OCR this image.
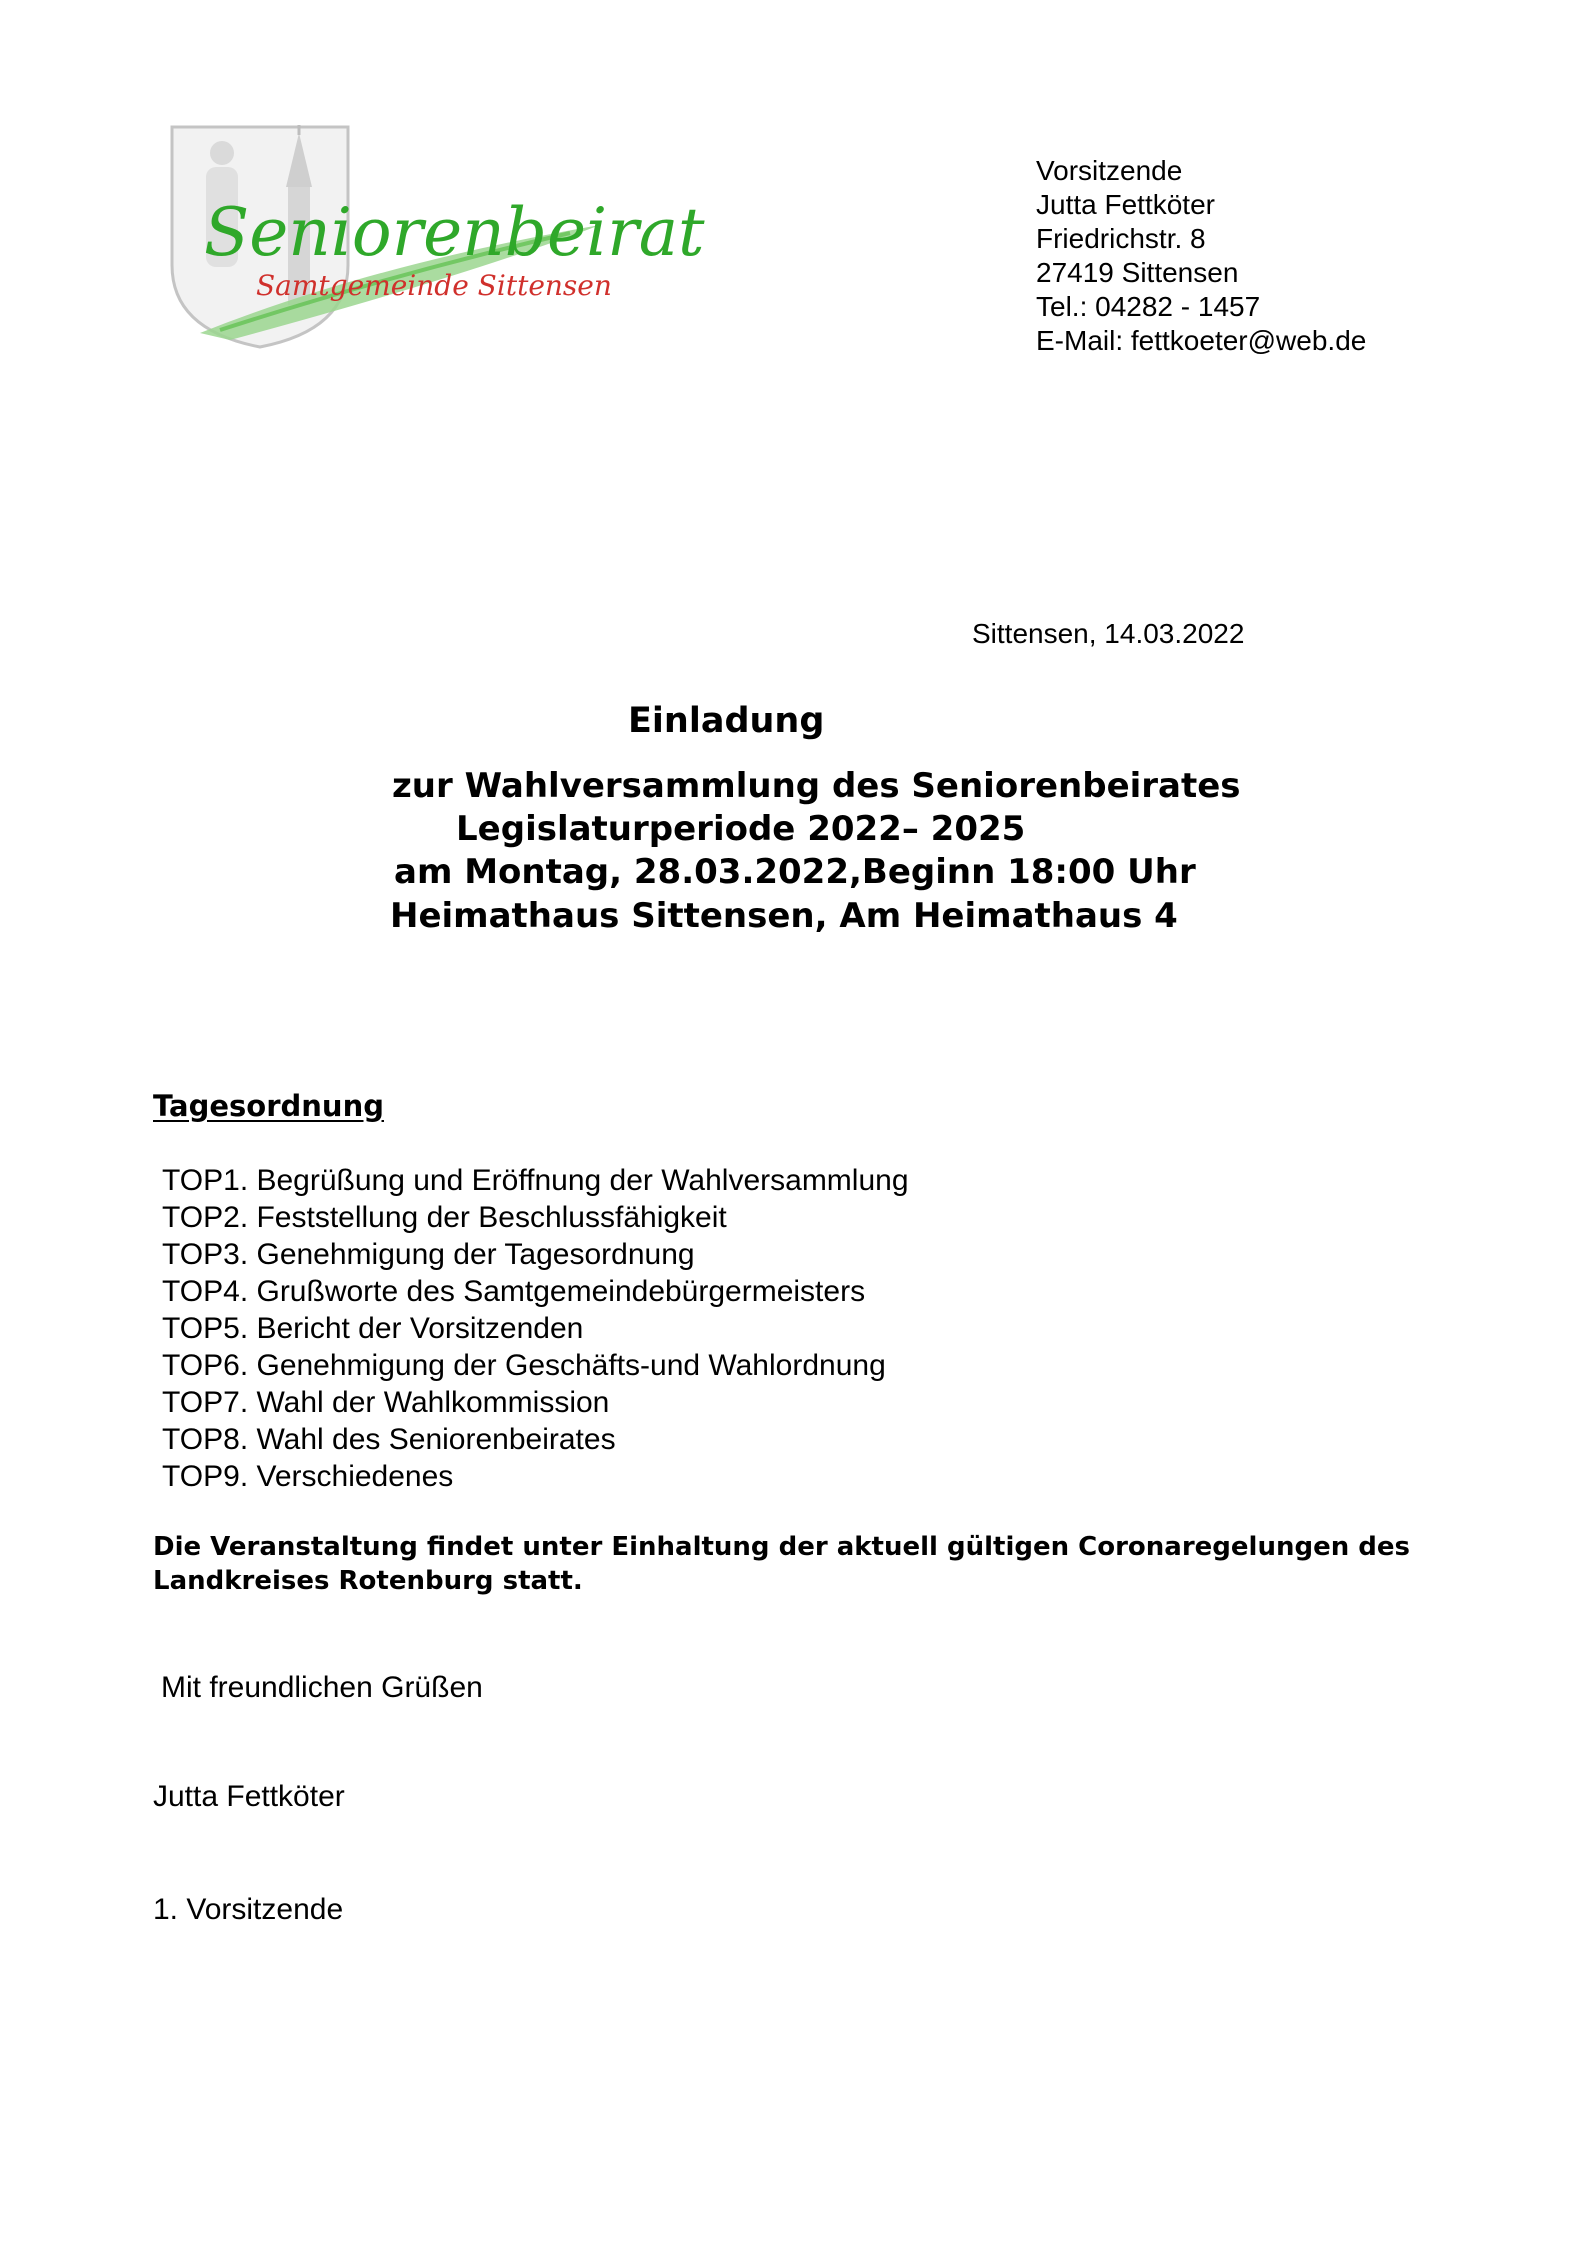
Seniorenbeirat
Samtgemeinde Sittensen
Vorsitzende
Jutta Fettköter
Friedrichstr. 8
27419 Sittensen
Tel.: 04282 - 1457
E-Mail: fettkoeter@web.de
Sittensen, 14.03.2022
Einladung
zur Wahlversammlung des Seniorenbeirates
Legislaturperiode 2022– 2025
am Montag, 28.03.2022,Beginn 18:00 Uhr
Heimathaus Sittensen, Am Heimathaus 4
Tagesordnung
TOP1. Begrüßung und Eröffnung der Wahlversammlung
TOP2. Feststellung der Beschlussfähigkeit
TOP3. Genehmigung der Tagesordnung
TOP4. Grußworte des Samtgemeindebürgermeisters
TOP5. Bericht der Vorsitzenden
TOP6. Genehmigung der Geschäfts-und Wahlordnung
TOP7. Wahl der Wahlkommission
TOP8. Wahl des Seniorenbeirates
TOP9. Verschiedenes
Die Veranstaltung findet unter Einhaltung der aktuell gültigen Coronaregelungen des Landkreises Rotenburg statt.
Mit freundlichen Grüßen
Jutta Fettköter
1. Vorsitzende
